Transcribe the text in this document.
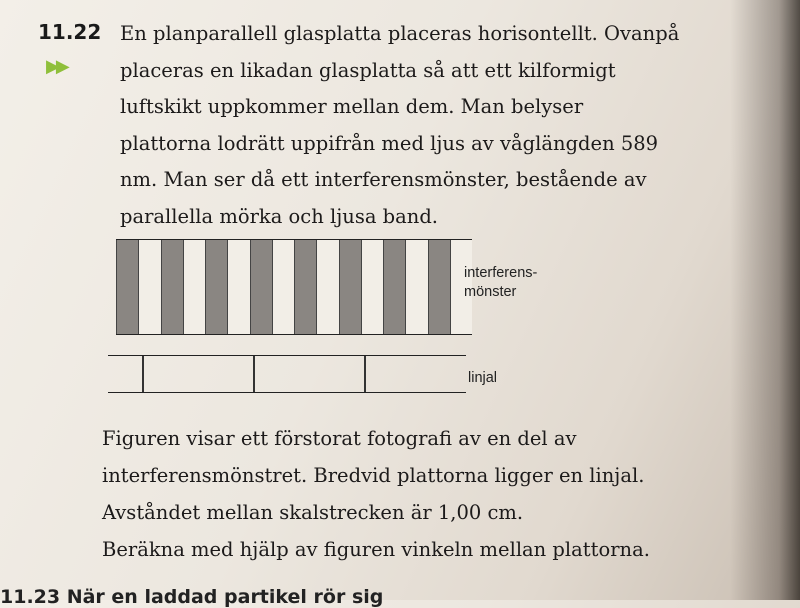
11.22
▶▶

En planparallell glasplatta placeras horisontellt. Ovanpå
placeras en likadan glasplatta så att ett kilformigt
luftskikt uppkommer mellan dem. Man belyser
plattorna lodrätt uppifrån med ljus av våglängden 589
nm. Man ser då ett interferensmönster, bestående av
parallella mörka och ljusa band.

interferens-
mönster
linjal

Figuren visar ett förstorat fotografi av en del av
interferensmönstret. Bredvid plattorna ligger en linjal.
Avståndet mellan skalstrecken är 1,00 cm.
Beräkna med hjälp av figuren vinkeln mellan plattorna.

11.23 När en laddad partikel rör sig
